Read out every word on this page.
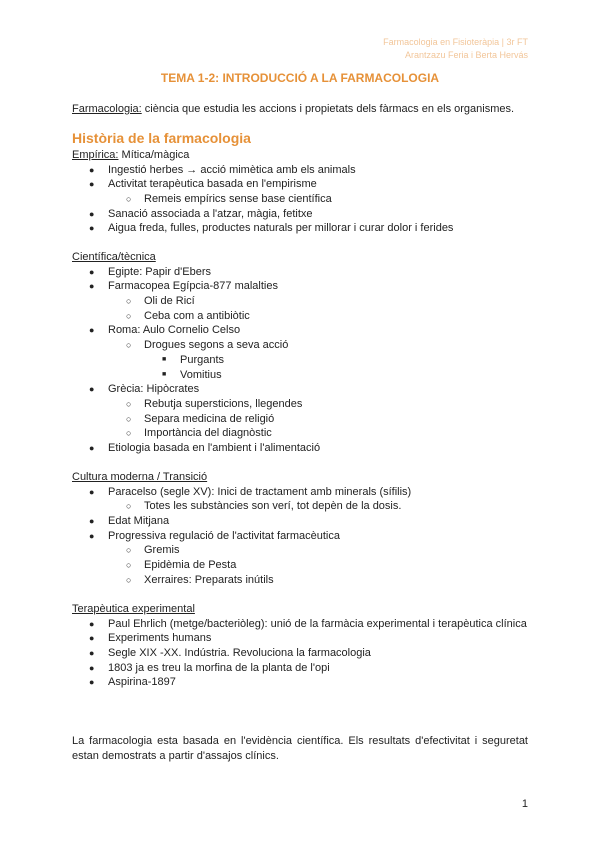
Farmacologia en Fisioteràpia | 3r FT
Arantzazu Feria i Berta Hervás
TEMA 1-2: INTRODUCCIÓ A LA FARMACOLOGIA
Farmacologia: ciència que estudia les accions i propietats dels fàrmacs en els organismes.
Història de la farmacologia
Empírica: Mítica/màgica
● Ingestió herbes → acció mimètica amb els animals
● Activitat terapèutica basada en l'empirisme
○ Remeis empírics sense base científica
● Sanació associada a l'atzar, màgia, fetitxe
● Aigua freda, fulles, productes naturals per millorar i curar dolor i ferides
Científica/tècnica
● Egipte: Papir d'Ebers
● Farmacopea Egípcia-877 malalties
○ Oli de Ricí
○ Ceba com a antibiòtic
● Roma: Aulo Cornelio Celso
○ Drogues segons a seva acció
■ Purgants
■ Vomitius
● Grècia: Hipòcrates
○ Rebutja supersticions, llegendes
○ Separa medicina de religió
○ Importància del diagnòstic
● Etiologia basada en l'ambient i l'alimentació
Cultura moderna / Transició
● Paracelso (segle XV): Inici de tractament amb minerals (sífilis)
○ Totes les substàncies son verí, tot depèn de la dosis.
● Edat Mitjana
● Progressiva regulació de l'activitat farmacèutica
○ Gremis
○ Epidèmia de Pesta
○ Xerraires: Preparats inútils
Terapèutica experimental
● Paul Ehrlich (metge/bacteriòleg): unió de la farmàcia experimental i terapèutica clínica
● Experiments humans
● Segle XIX -XX. Indústria. Revoluciona la farmacologia
● 1803 ja es treu la morfina de la planta de l'opi
● Aspirina-1897
La farmacologia esta basada en l'evidència científica. Els resultats d'efectivitat i seguretat estan demostrats a partir d'assajos clínics.
1
